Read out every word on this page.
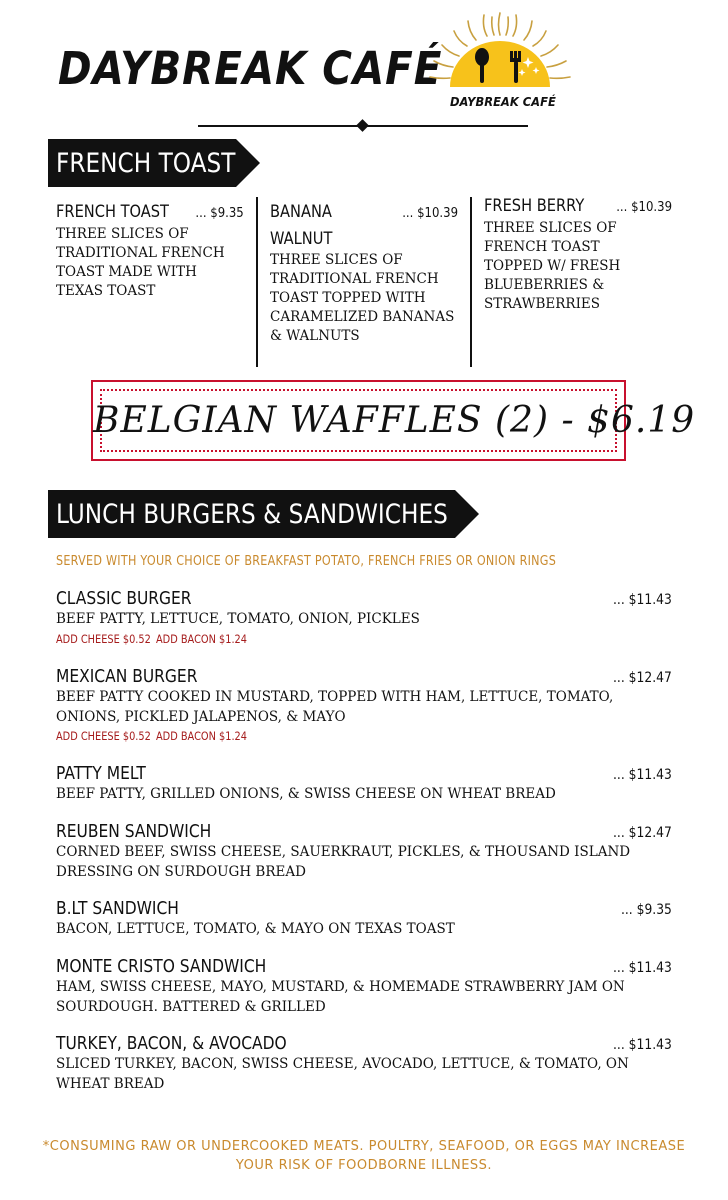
DAYBREAK CAFÉ
DAYBREAK CAFÉ
FRENCH TOAST
FRENCH TOAST ... $9.35
THREE SLICES OF TRADITIONAL FRENCH TOAST MADE WITH TEXAS TOAST
BANANA
WALNUT
... $10.39
THREE SLICES OF TRADITIONAL FRENCH TOAST TOPPED WITH CARAMELIZED BANANAS & WALNUTS
FRESH BERRY ... $10.39
THREE SLICES OF FRENCH TOAST TOPPED W/ FRESH BLUEBERRIES & STRAWBERRIES
BELGIAN WAFFLES (2) - $6.19
LUNCH BURGERS & SANDWICHES
SERVED WITH YOUR CHOICE OF BREAKFAST POTATO, FRENCH FRIES OR ONION RINGS
CLASSIC BURGER	... $11.43
BEEF PATTY, LETTUCE, TOMATO, ONION, PICKLES
ADD CHEESE $0.52 ADD BACON $1.24
MEXICAN BURGER	... $12.47
BEEF PATTY COOKED IN MUSTARD, TOPPED WITH HAM, LETTUCE, TOMATO, ONIONS, PICKLED JALAPENOS, & MAYO
ADD CHEESE $0.52 ADD BACON $1.24
PATTY MELT	... $11.43
BEEF PATTY, GRILLED ONIONS, & SWISS CHEESE ON WHEAT BREAD
REUBEN SANDWICH	... $12.47
CORNED BEEF, SWISS CHEESE, SAUERKRAUT, PICKLES, & THOUSAND ISLAND DRESSING ON SURDOUGH BREAD
B.LT SANDWICH	... $9.35
BACON, LETTUCE, TOMATO, & MAYO ON TEXAS TOAST
MONTE CRISTO SANDWICH	... $11.43
HAM, SWISS CHEESE, MAYO, MUSTARD, & HOMEMADE STRAWBERRY JAM ON SOURDOUGH. BATTERED & GRILLED
TURKEY, BACON, & AVOCADO	... $11.43
SLICED TURKEY, BACON, SWISS CHEESE, AVOCADO, LETTUCE, & TOMATO, ON WHEAT BREAD
*CONSUMING RAW OR UNDERCOOKED MEATS. POULTRY, SEAFOOD, OR EGGS MAY INCREASE YOUR RISK OF FOODBORNE ILLNESS.
